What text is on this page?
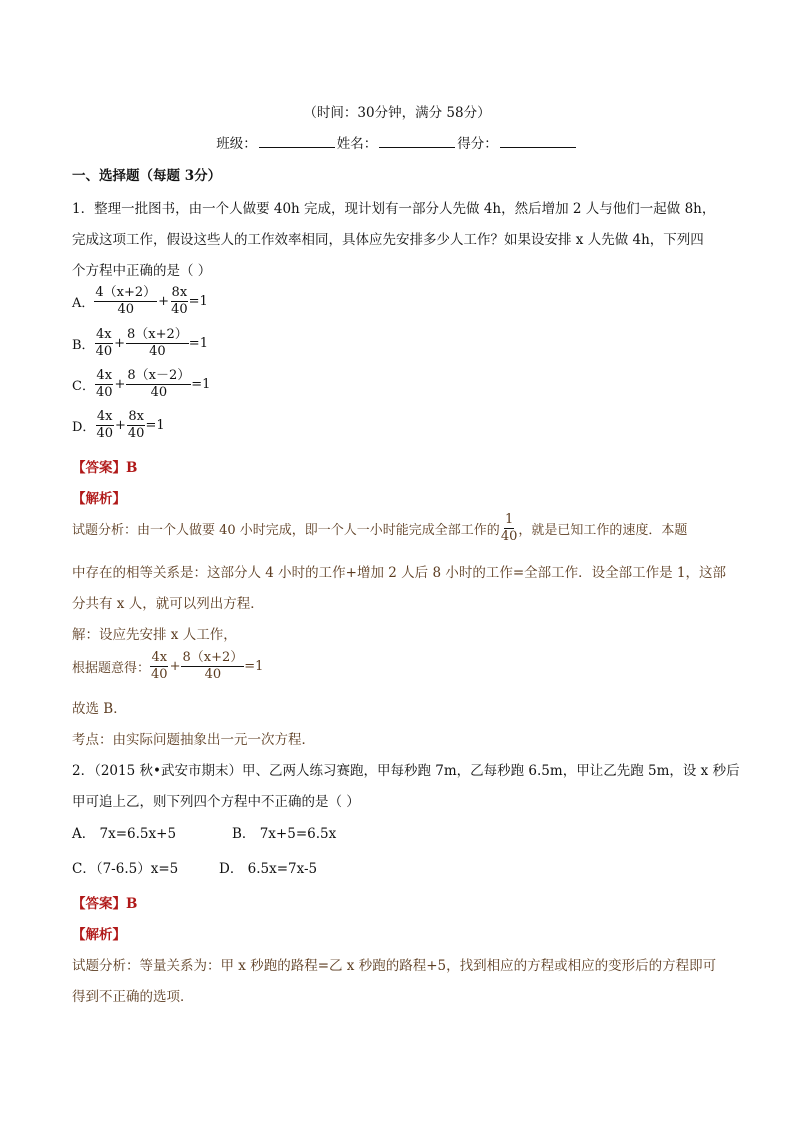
（时间：30分钟，满分 58分）
班级：	姓名：	得分：
一、选择题（每题 3分）
1．整理一批图书，由一个人做要 40h 完成，现计划有一部分人先做 4h，然后增加 2 人与他们一起做 8h，
完成这项工作，假设这些人的工作效率相同，具体应先安排多少人工作？如果设安排 x 人先做 4h，下列四
个方程中正确的是（ ）
A． $\frac{4(x+2)}{40} + \frac{8x}{40} =1$
B． $\frac{4x}{40} + \frac{8(x+2)}{40} =1$
C． $\frac{4x}{40} + \frac{8(x-2)}{40} =1$
D． $\frac{4x}{40} + \frac{8x}{40} =1$
【答案】B
【解析】
试题分析：由一个人做要 40 小时完成，即一个人一小时能完成全部工作的 $\frac{1}{40}$ ，就是已知工作的速度．本题
中存在的相等关系是：这部分人 4 小时的工作+增加 2 人后 8 小时的工作=全部工作．设全部工作是 1，这部
分共有 x 人，就可以列出方程．
解：设应先安排 x 人工作，
根据题意得： $\frac{4x}{40} + \frac{8(x+2)}{40} =1$
故选 B．
考点：由实际问题抽象出一元一次方程．
2．（2015 秋•武安市期末）甲、乙两人练习赛跑，甲每秒跑 7m，乙每秒跑 6.5m，甲让乙先跑 5m，设 x 秒后
甲可追上乙，则下列四个方程中不正确的是（ ）
A． 7x=6.5x+5	B． 7x+5=6.5x
C．（7-6.5）x=5	D． 6.5x=7x-5
【答案】B
【解析】
试题分析：等量关系为：甲 x 秒跑的路程=乙 x 秒跑的路程+5，找到相应的方程或相应的变形后的方程即可
得到不正确的选项．
